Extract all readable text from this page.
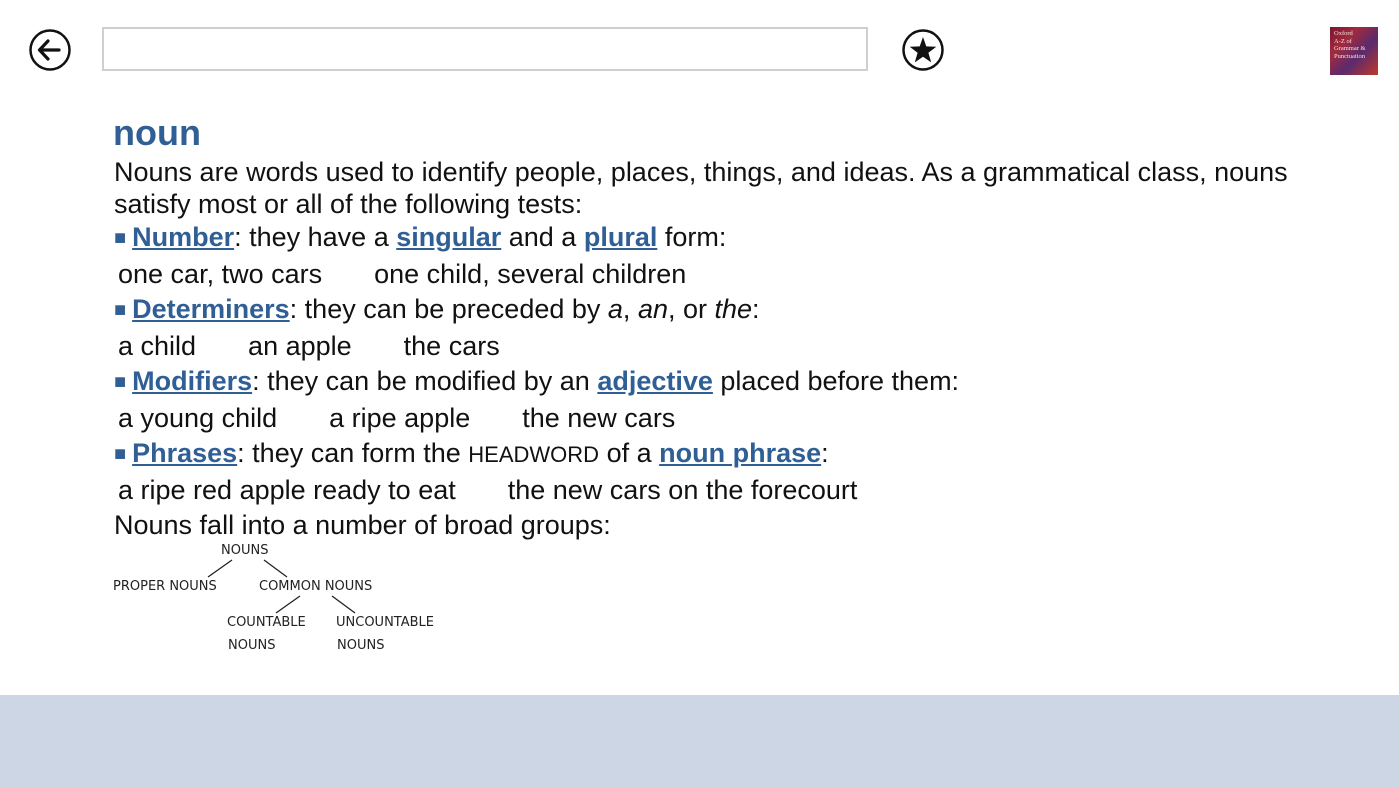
Oxford
A-Z of
Grammar &
Punctuation
noun

Nouns are words used to identify people, places, things, and ideas. As a grammatical class, nouns satisfy most or all of the following tests:

■ Number: they have a singular and a plural form:

one car, two cars one child, several children

■ Determiners: they can be preceded by a, an, or the:

a child an apple the cars

■ Modifiers: they can be modified by an adjective placed before them:

a young child a ripe apple the new cars

■ Phrases: they can form the HEADWORD of a noun phrase:

a ripe red apple ready to eat the new cars on the forecourt

Nouns fall into a number of broad groups:

NOUNS
PROPER NOUNS	COMMON NOUNS
COUNTABLE
NOUNS
UNCOUNTABLE
NOUNS
